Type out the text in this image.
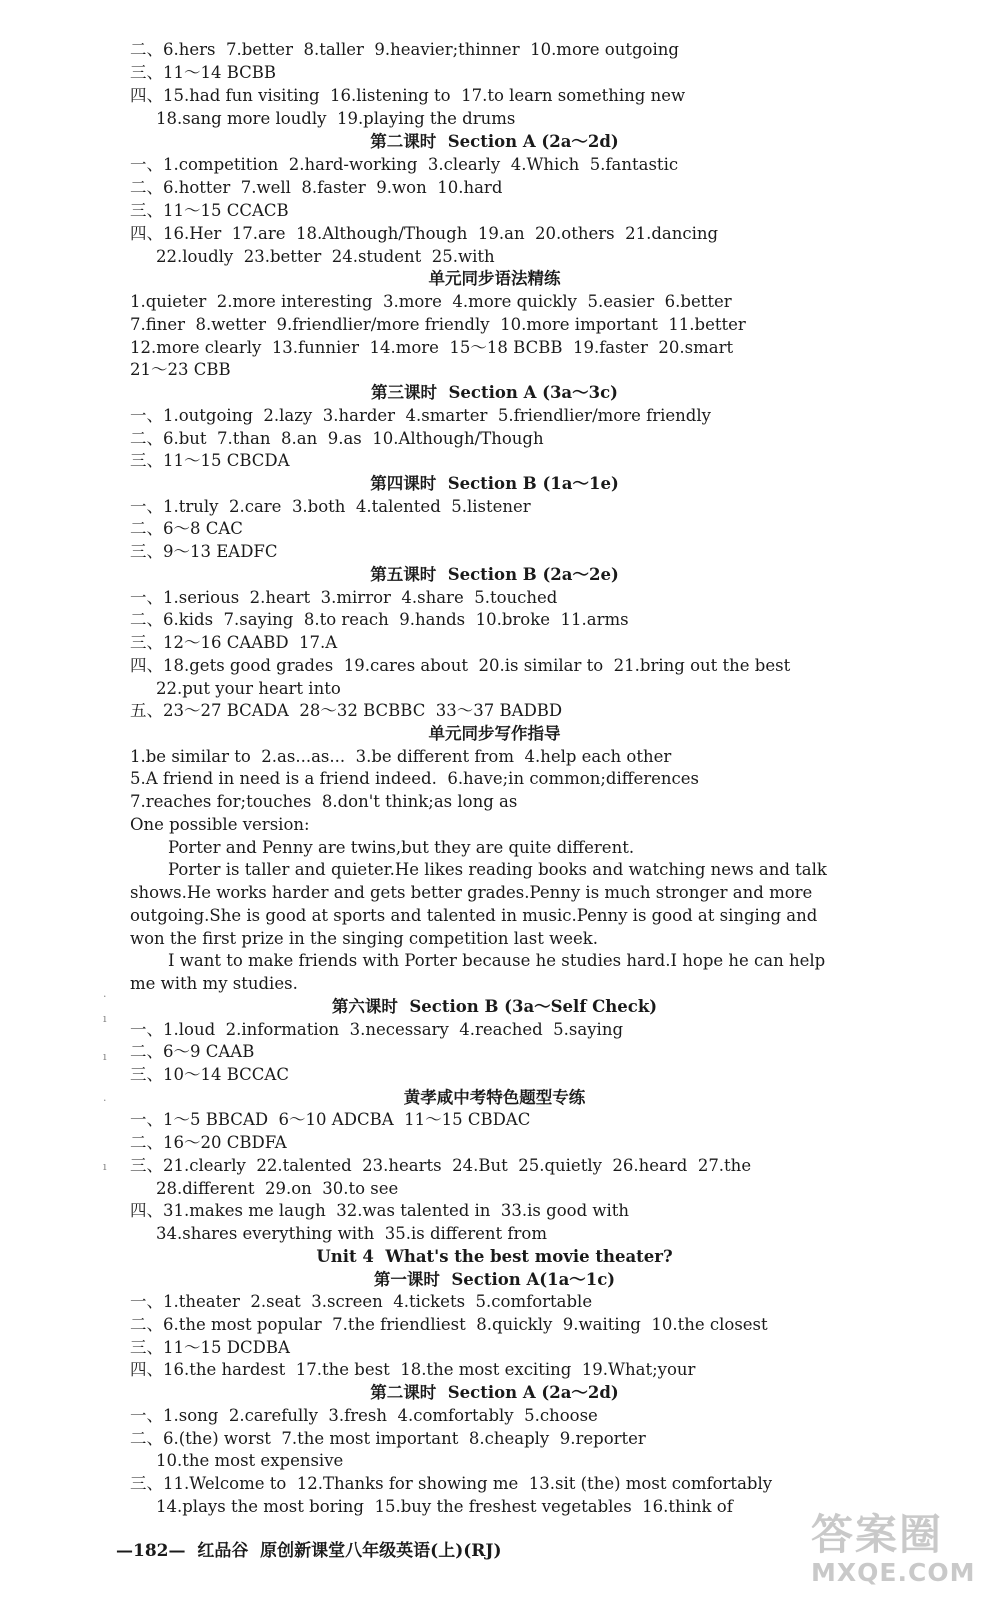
二、6.hers  7.better  8.taller  9.heavier;thinner  10.more outgoing
三、11～14 BCBB
四、15.had fun visiting  16.listening to  17.to learn something new
18.sang more loudly  19.playing the drums
第二课时  Section A (2a～2d)
一、1.competition  2.hard-working  3.clearly  4.Which  5.fantastic
二、6.hotter  7.well  8.faster  9.won  10.hard
三、11～15 CCACB
四、16.Her  17.are  18.Although/Though  19.an  20.others  21.dancing
22.loudly  23.better  24.student  25.with
单元同步语法精练
1.quieter  2.more interesting  3.more  4.more quickly  5.easier  6.better
7.finer  8.wetter  9.friendlier/more friendly  10.more important  11.better
12.more clearly  13.funnier  14.more  15～18 BCBB  19.faster  20.smart
21～23 CBB
第三课时  Section A (3a～3c)
一、1.outgoing  2.lazy  3.harder  4.smarter  5.friendlier/more friendly
二、6.but  7.than  8.an  9.as  10.Although/Though
三、11～15 CBCDA
第四课时  Section B (1a～1e)
一、1.truly  2.care  3.both  4.talented  5.listener
二、6～8 CAC
三、9～13 EADFC
第五课时  Section B (2a～2e)
一、1.serious  2.heart  3.mirror  4.share  5.touched
二、6.kids  7.saying  8.to reach  9.hands  10.broke  11.arms
三、12～16 CAABD  17.A
四、18.gets good grades  19.cares about  20.is similar to  21.bring out the best
22.put your heart into
五、23～27 BCADA  28～32 BCBBC  33～37 BADBD
单元同步写作指导
1.be similar to  2.as...as...  3.be different from  4.help each other
5.A friend in need is a friend indeed.  6.have;in common;differences
7.reaches for;touches  8.don't think;as long as
One possible version:
Porter and Penny are twins,but they are quite different.
Porter is taller and quieter.He likes reading books and watching news and talk
shows.He works harder and gets better grades.Penny is much stronger and more
outgoing.She is good at sports and talented in music.Penny is good at singing and
won the first prize in the singing competition last week.
I want to make friends with Porter because he studies hard.I hope he can help
me with my studies.
第六课时  Section B (3a～Self Check)
一、1.loud  2.information  3.necessary  4.reached  5.saying
二、6～9 CAAB
三、10～14 BCCAC
黄孝咸中考特色题型专练
一、1～5 BBCAD  6～10 ADCBA  11～15 CBDAC
二、16～20 CBDFA
三、21.clearly  22.talented  23.hearts  24.But  25.quietly  26.heard  27.the
28.different  29.on  30.to see
四、31.makes me laugh  32.was talented in  33.is good with
34.shares everything with  35.is different from
Unit 4  What's the best movie theater?
第一课时  Section A(1a～1c)
一、1.theater  2.seat  3.screen  4.tickets  5.comfortable
二、6.the most popular  7.the friendliest  8.quickly  9.waiting  10.the closest
三、11～15 DCDBA
四、16.the hardest  17.the best  18.the most exciting  19.What;your
第二课时  Section A (2a～2d)
一、1.song  2.carefully  3.fresh  4.comfortably  5.choose
二、6.(the) worst  7.the most important  8.cheaply  9.reporter
10.the most expensive
三、11.Welcome to  12.Thanks for showing me  13.sit (the) most comfortably
14.plays the most boring  15.buy the freshest vegetables  16.think of
—182—  红品谷  原创新课堂八年级英语(上)(RJ)
·
ı
ı
·
ı
答案圈
MXQE.COM
